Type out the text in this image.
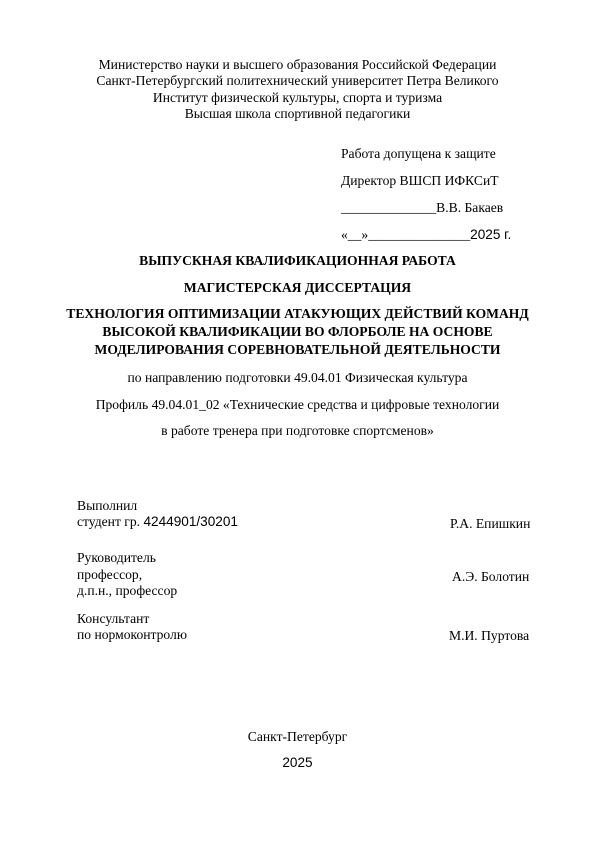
Министерство науки и высшего образования Российской Федерации
Санкт-Петербургский политехнический университет Петра Великого
Институт физической культуры, спорта и туризма
Высшая школа спортивной педагогики
Работа допущена к защите
Директор ВШСП ИФКСиТ
______________В.В. Бакаев
«__»_______________2025 г.
ВЫПУСКНАЯ КВАЛИФИКАЦИОННАЯ РАБОТА
МАГИСТЕРСКАЯ ДИССЕРТАЦИЯ
ТЕХНОЛОГИЯ ОПТИМИЗАЦИИ АТАКУЮЩИХ ДЕЙСТВИЙ КОМАНД
ВЫСОКОЙ КВАЛИФИКАЦИИ ВО ФЛОРБОЛЕ НА ОСНОВЕ
МОДЕЛИРОВАНИЯ СОРЕВНОВАТЕЛЬНОЙ ДЕЯТЕЛЬНОСТИ
по направлению подготовки 49.04.01 Физическая культура
Профиль 49.04.01_02 «Технические средства и цифровые технологии
в работе тренера при подготовке спортсменов»
Выполнил
студент гр. 4244901/30201	Р.А. Епишкин
Руководитель
профессор,
д.п.н., профессор
А.Э. Болотин
Консультант
по нормоконтролю	М.И. Пуртова
Санкт-Петербург
2025
